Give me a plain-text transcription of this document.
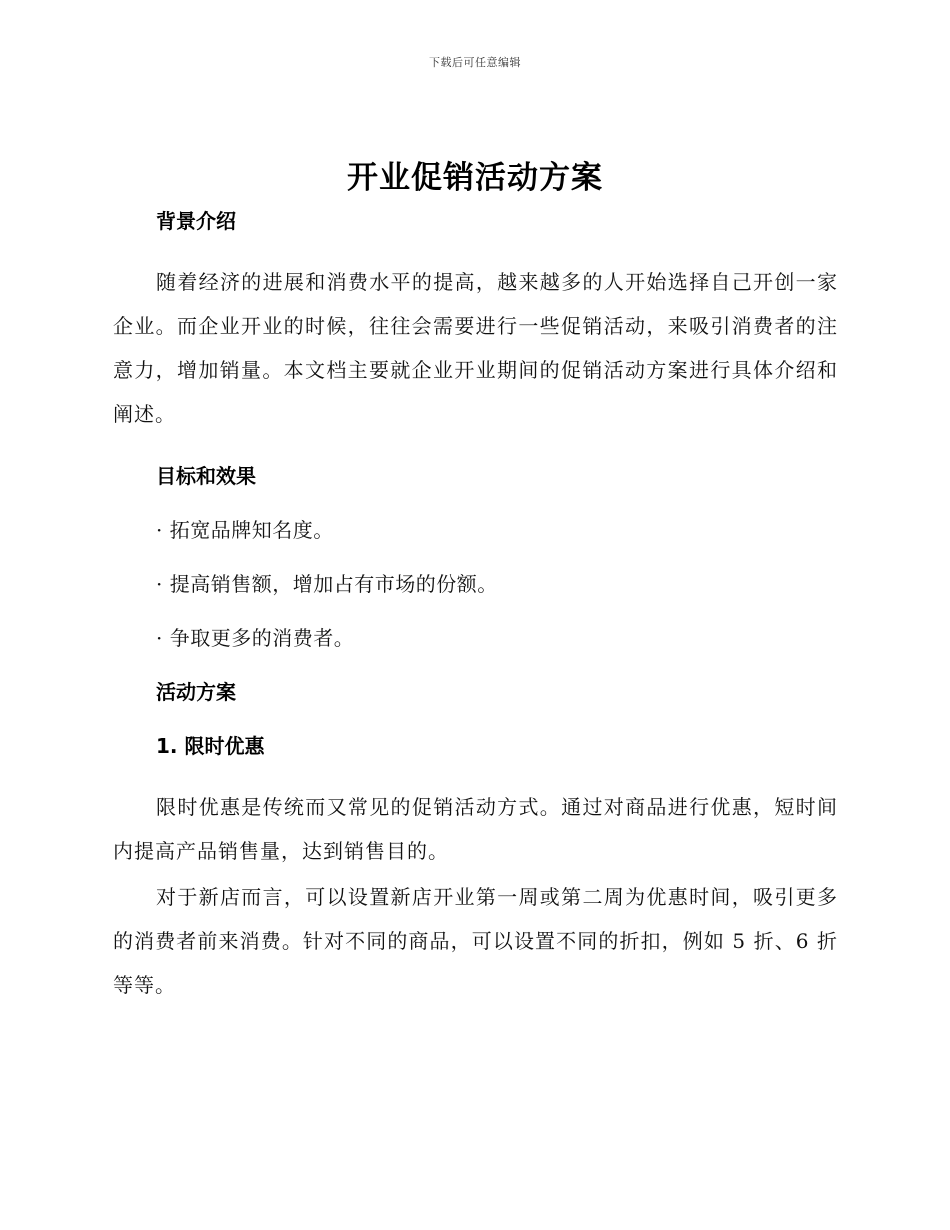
下载后可任意编辑
开业促销活动方案
背景介绍

随着经济的进展和消费水平的提高，越来越多的人开始选择自己开创一家企业。而企业开业的时候，往往会需要进行一些促销活动，来吸引消费者的注意力，增加销量。本文档主要就企业开业期间的促销活动方案进行具体介绍和阐述。

目标和效果
· 拓宽品牌知名度。
· 提高销售额，增加占有市场的份额。
· 争取更多的消费者。
活动方案
1. 限时优惠

限时优惠是传统而又常见的促销活动方式。通过对商品进行优惠，短时间内提高产品销售量，达到销售目的。

对于新店而言，可以设置新店开业第一周或第二周为优惠时间，吸引更多的消费者前来消费。针对不同的商品，可以设置不同的折扣，例如 5 折、6 折等等。
